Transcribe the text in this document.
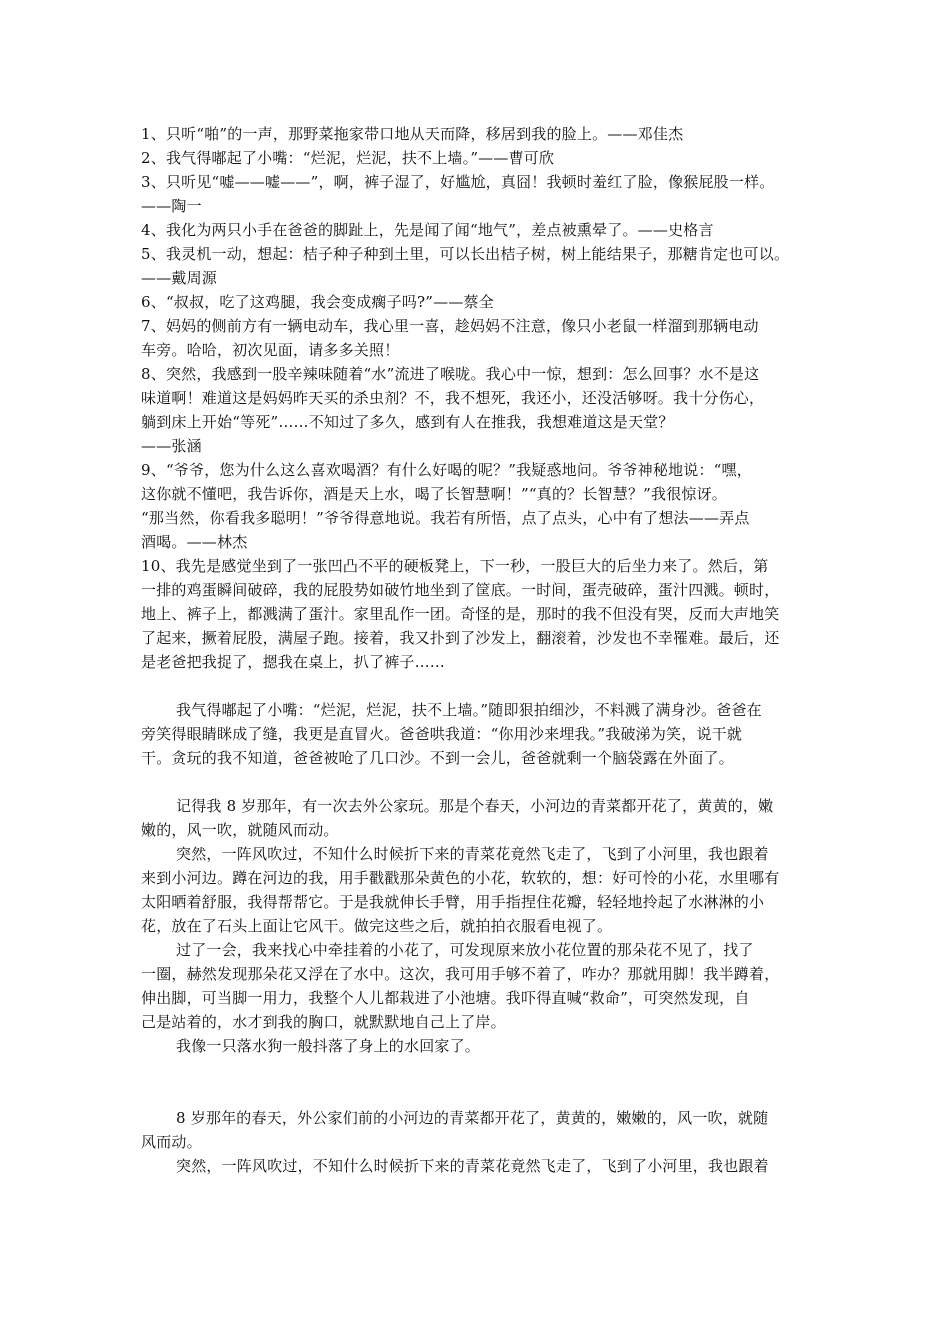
1、只听“啪”的一声，那野菜拖家带口地从天而降，移居到我的脸上。——邓佳杰
2、我气得嘟起了小嘴：“烂泥，烂泥，扶不上墙。”——曹可欣
3、只听见“嘘——嘘——”，啊，裤子湿了，好尴尬，真囧！我顿时羞红了脸，像猴屁股一样。
——陶一
4、我化为两只小手在爸爸的脚趾上，先是闻了闻“地气”，差点被熏晕了。——史格言
5、我灵机一动，想起：桔子种子种到土里，可以长出桔子树，树上能结果子，那糖肯定也可以。
——戴周源
6、“叔叔，吃了这鸡腿，我会变成瘸子吗?”——蔡全
7、妈妈的侧前方有一辆电动车，我心里一喜，趁妈妈不注意，像只小老鼠一样溜到那辆电动
车旁。哈哈，初次见面，请多多关照！
8、突然，我感到一股辛辣味随着“水”流进了喉咙。我心中一惊，想到：怎么回事？水不是这
味道啊！难道这是妈妈昨天买的杀虫剂？不，我不想死，我还小，还没活够呀。我十分伤心，
躺到床上开始“等死”……不知过了多久，感到有人在推我，我想难道这是天堂？
——张涵
9、“爷爷，您为什么这么喜欢喝酒？有什么好喝的呢？”我疑惑地问。爷爷神秘地说：“嘿，
这你就不懂吧，我告诉你，酒是天上水，喝了长智慧啊！”“真的？长智慧？”我很惊讶。
“那当然，你看我多聪明！”爷爷得意地说。我若有所悟，点了点头，心中有了想法——弄点
酒喝。——林杰
10、我先是感觉坐到了一张凹凸不平的硬板凳上，下一秒，一股巨大的后坐力来了。然后，第
一排的鸡蛋瞬间破碎，我的屁股势如破竹地坐到了筐底。一时间，蛋壳破碎，蛋汁四溅。顿时，
地上、裤子上，都溅满了蛋汁。家里乱作一团。奇怪的是，那时的我不但没有哭，反而大声地笑
了起来，撅着屁股，满屋子跑。接着，我又扑到了沙发上，翻滚着，沙发也不幸罹难。最后，还
是老爸把我捉了，摁我在桌上，扒了裤子……
我气得嘟起了小嘴：“烂泥，烂泥，扶不上墙。”随即狠拍细沙，不料溅了满身沙。爸爸在
旁笑得眼睛眯成了缝，我更是直冒火。爸爸哄我道：“你用沙来埋我。”我破涕为笑，说干就
干。贪玩的我不知道，爸爸被呛了几口沙。不到一会儿，爸爸就剩一个脑袋露在外面了。
记得我 8 岁那年，有一次去外公家玩。那是个春天，小河边的青菜都开花了，黄黄的，嫩
嫩的，风一吹，就随风而动。
突然，一阵风吹过，不知什么时候折下来的青菜花竟然飞走了，飞到了小河里，我也跟着
来到小河边。蹲在河边的我，用手戳戳那朵黄色的小花，软软的，想：好可怜的小花，水里哪有
太阳晒着舒服，我得帮帮它。于是我就伸长手臂，用手指捏住花瓣，轻轻地拎起了水淋淋的小
花，放在了石头上面让它风干。做完这些之后，就拍拍衣服看电视了。
过了一会，我来找心中牵挂着的小花了，可发现原来放小花位置的那朵花不见了，找了
一圈，赫然发现那朵花又浮在了水中。这次，我可用手够不着了，咋办？那就用脚！我半蹲着，
伸出脚，可当脚一用力，我整个人儿都栽进了小池塘。我吓得直喊“救命”，可突然发现，自
己是站着的，水才到我的胸口，就默默地自己上了岸。
我像一只落水狗一般抖落了身上的水回家了。
8 岁那年的春天，外公家们前的小河边的青菜都开花了，黄黄的，嫩嫩的，风一吹，就随
风而动。
突然，一阵风吹过，不知什么时候折下来的青菜花竟然飞走了，飞到了小河里，我也跟着
